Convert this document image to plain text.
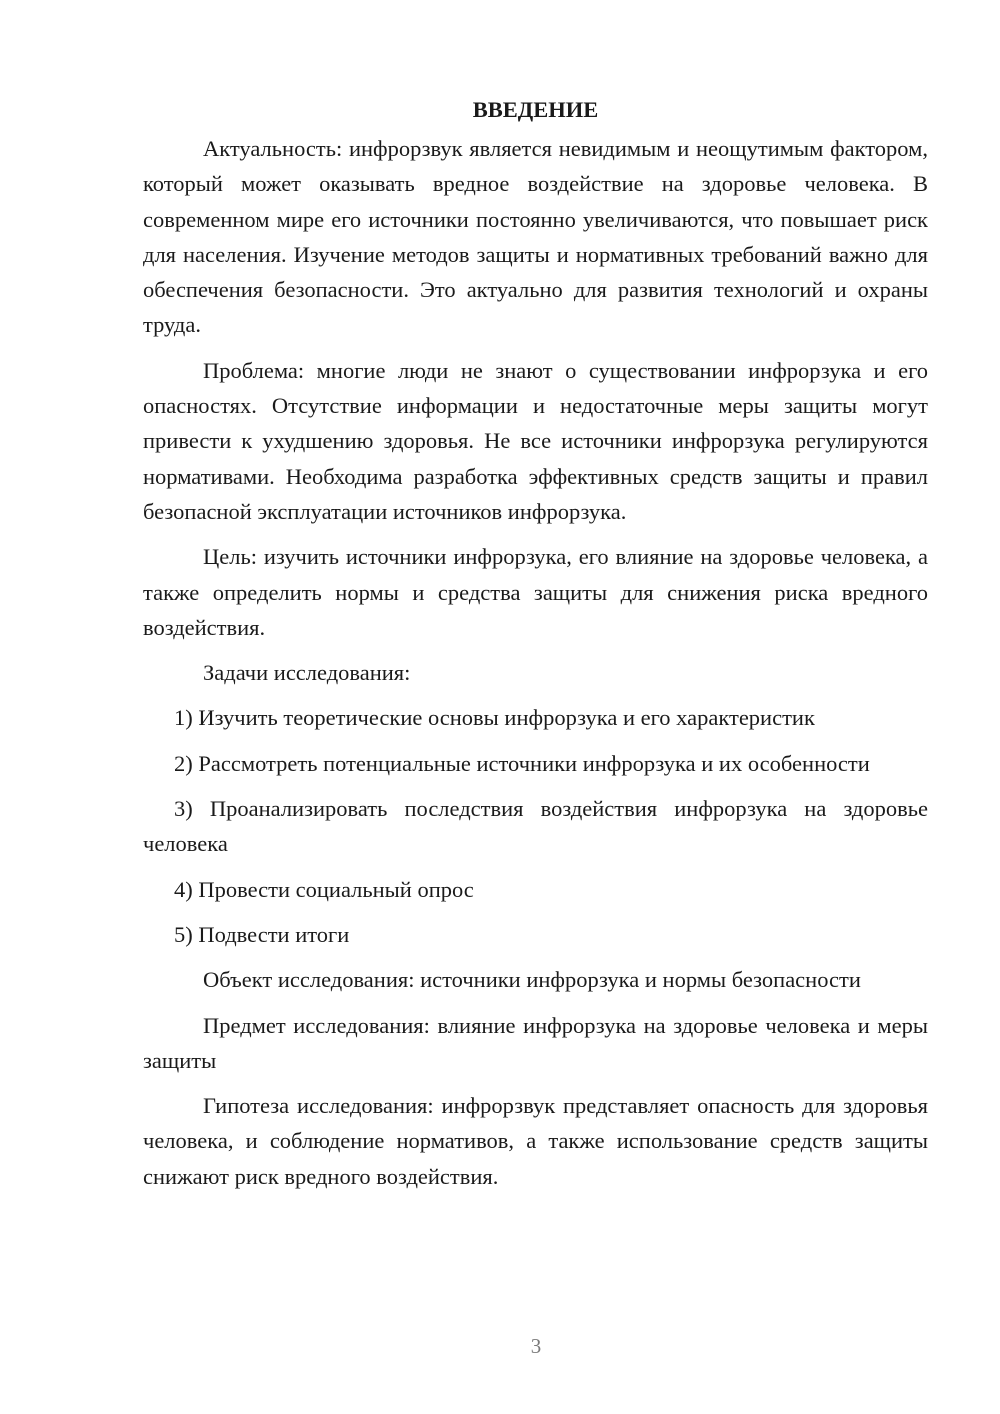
ВВЕДЕНИЕ

Актуальность: инфрорзвук является невидимым и неощутимым фактором, который может оказывать вредное воздействие на здоровье человека. В современном мире его источники постоянно увеличиваются, что повышает риск для населения. Изучение методов защиты и нормативных требований важно для обеспечения безопасности. Это актуально для развития технологий и охраны труда.

Проблема: многие люди не знают о существовании инфрорзука и его опасностях. Отсутствие информации и недостаточные меры защиты могут привести к ухудшению здоровья. Не все источники инфрорзука регулируются нормативами. Необходима разработка эффективных средств защиты и правил безопасной эксплуатации источников инфрорзука.

Цель: изучить источники инфрорзука, его влияние на здоровье человека, а также определить нормы и средства защиты для снижения риска вредного воздействия.

Задачи исследования:

1) Изучить теоретические основы инфрорзука и его характеристик

2) Рассмотреть потенциальные источники инфрорзука и их особенности

3) Проанализировать последствия воздействия инфрорзука на здоровье человека

4) Провести социальный опрос

5) Подвести итоги

Объект исследования: источники инфрорзука и нормы безопасности

Предмет исследования: влияние инфрорзука на здоровье человека и меры защиты

Гипотеза исследования: инфрорзвук представляет опасность для здоровья человека, и соблюдение нормативов, а также использование средств защиты снижают риск вредного воздействия.

3
